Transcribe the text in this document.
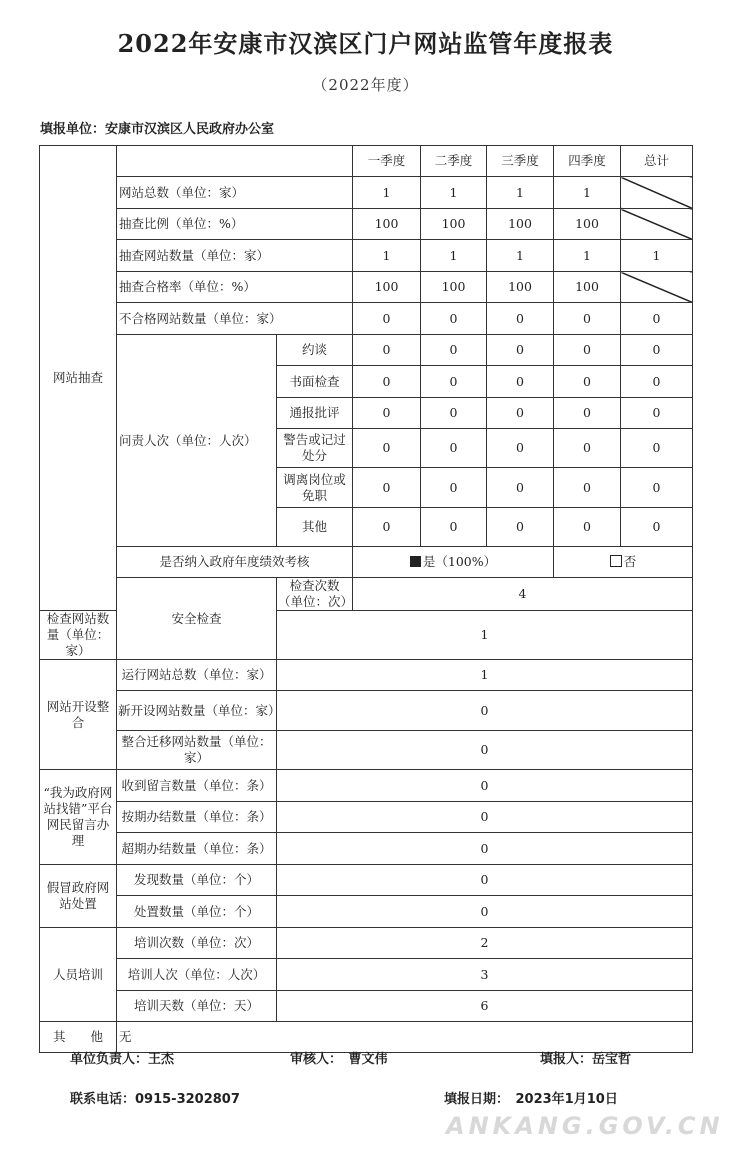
2022年安康市汉滨区门户网站监管年度报表
（2022年度）
填报单位：安康市汉滨区人民政府办公室
网站抽查			一季度	二季度	三季度	四季度	总计
	网站总数（单位：家）		1	1	1	1	
	抽查比例（单位：%）		100	100	100	100	
	抽查网站数量（单位：家）		1	1	1	1	1
	抽查合格率（单位：%）		100	100	100	100	
	不合格网站数量（单位：家）		0	0	0	0	0
	问责人次（单位：人次）	约谈	0	0	0	0	0
		书面检查	0	0	0	0	0
		通报批评	0	0	0	0	0
		警告或记过处分	0	0	0	0	0
		调离岗位或免职	0	0	0	0	0
		其他	0	0	0	0	0
	是否纳入政府年度绩效考核		是（100%）			否	
	安全检查	检查次数（单位：次）	4				
检查网站数量（单位：家）		1					
网站开设整合	运行网站总数（单位：家）	1					
	新开设网站数量（单位：家）	0					
	整合迁移网站数量（单位：家）	0					
“我为政府网站找错”平台网民留言办理	收到留言数量（单位：条）	0					
	按期办结数量（单位：条）	0					
	超期办结数量（单位：条）	0					
假冒政府网站处置	发现数量（单位：个）	0					
	处置数量（单位：个）	0					
人员培训	培训次数（单位：次）	2					
	培训人次（单位：人次）	3					
	培训天数（单位：天）	6					
其　　他	无						
单位负责人：王杰	审核人：　曹文伟	填报人：岳宝哲
联系电话：0915-3202807	填报日期：　2023年1月10日
ANKANG.GOV.CN
